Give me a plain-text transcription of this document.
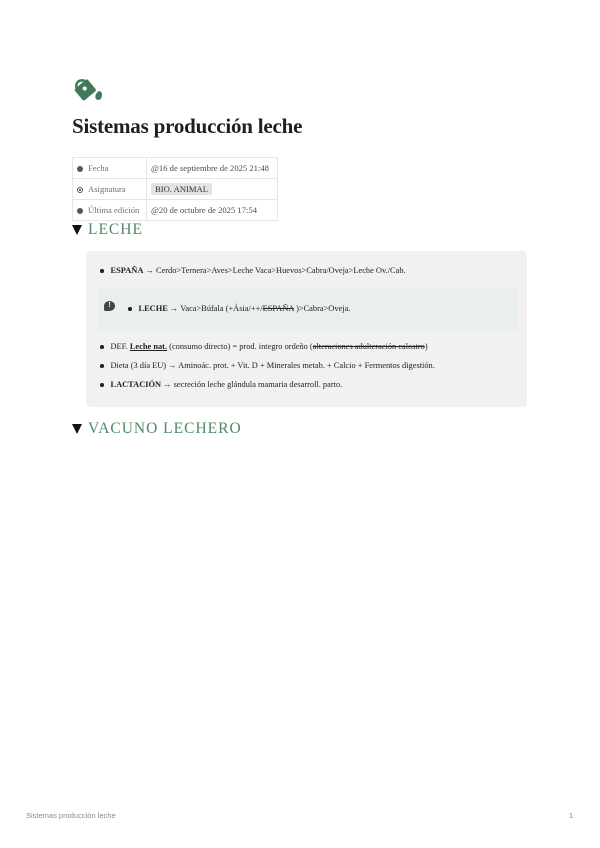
Sistemas producción leche
Fecha	@16 de septiembre de 2025 21:48
Asignatura	BIO. ANIMAL
Última edición	@20 de octubre de 2025 17:54
LECHE
ESPAÑA → Cerdo>Ternera>Aves>Leche Vaca>Huevos>Cabra/Oveja>Leche Ov./Cab.
!	LECHE → Vaca>Búfala (+Ásia/++/ESPAÑA )>Cabra>Oveja.
DEF. Leche nat. (consumo directo) = prod. integro ordeño (alteraciones adulteración calostro)
Dieta (3 día EU) → Aminoác. prot. + Vit. D + Minerales metab. + Calcio + Fermentos digestión.
LACTACIÓN → secreción leche glándula mamaria desarroll. parto.
VACUNO LECHERO
Sistemas producción leche	1
